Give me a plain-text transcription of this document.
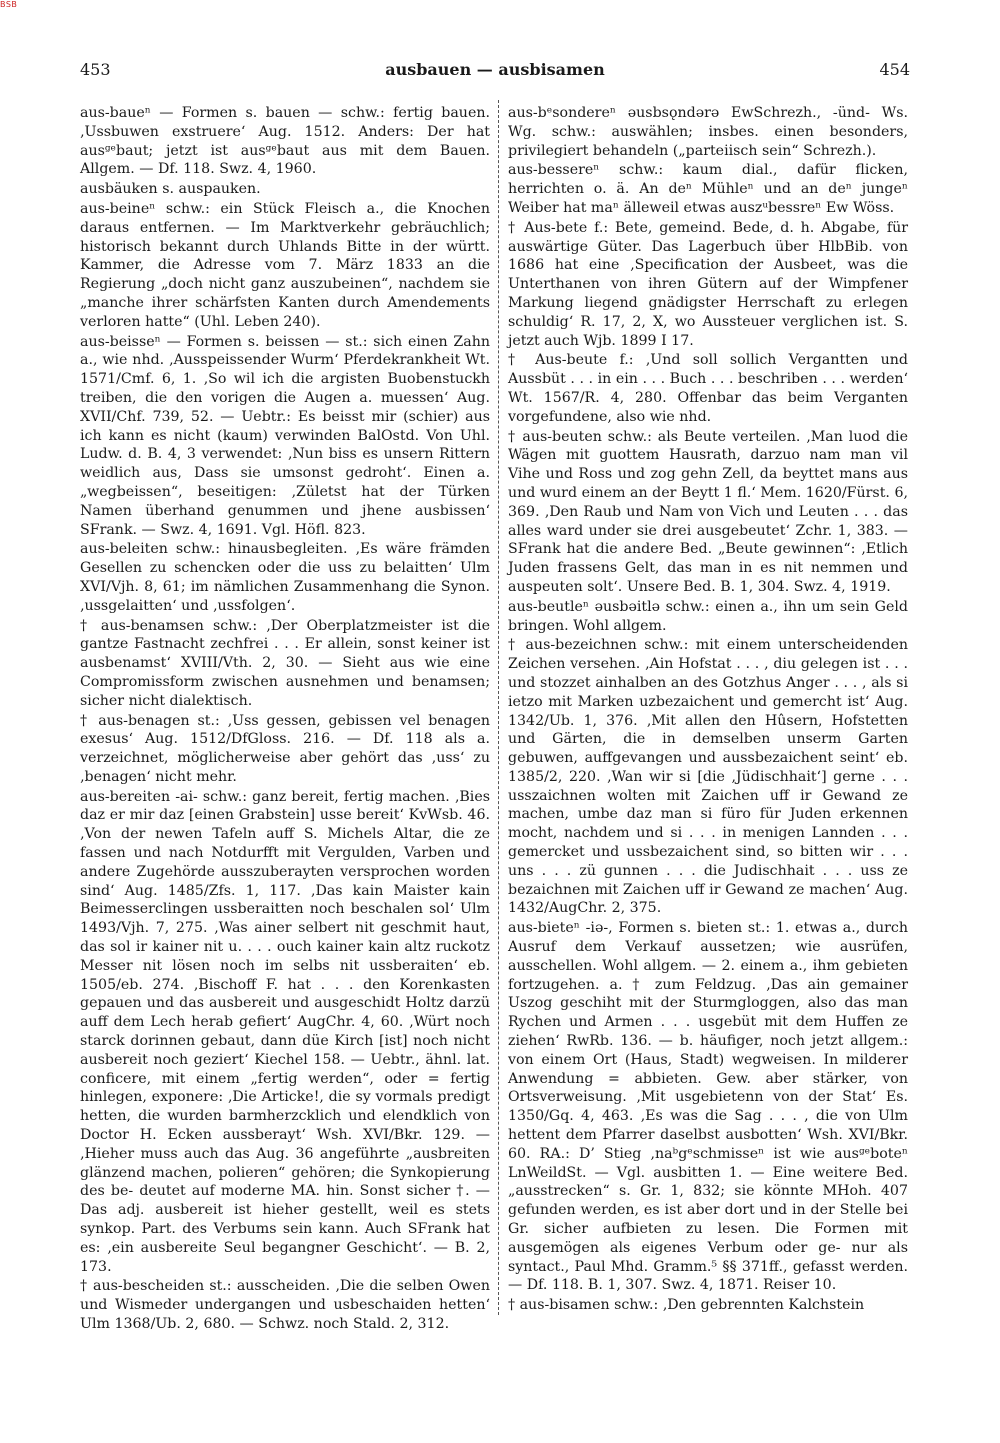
BSB
453	ausbauen — ausbisamen	454

aus-baueⁿ — Formen s. bauen — schw.: fertig bauen. ‚Ussbuwen exstruere‘ Aug. 1512. Anders: Der hat ausᵍᵉbaut; jetzt ist ausᵍᵉbaut aus mit dem Bauen. Allgem. — Df. 118. Swz. 4, 1960.

ausbäuken s. auspauken.

aus-beineⁿ schw.: ein Stück Fleisch a., die Knochen daraus entfernen. — Im Marktverkehr gebräuchlich; historisch bekannt durch Uhlands Bitte in der württ. Kammer, die Adresse vom 7. März 1833 an die Regierung „doch nicht ganz auszubeinen“, nachdem sie „manche ihrer schärfsten Kanten durch Amendements verloren hatte“ (Uhl. Leben 240).

aus-beisseⁿ — Formen s. beissen — st.: sich einen Zahn a., wie nhd. ‚Ausspeissender Wurm‘ Pferdekrankheit Wt. 1571/Cmf. 6, 1. ‚So wil ich die argisten Buobenstuckh treiben, die den vorigen die Augen a. muessen‘ Aug. XVII/Chf. 739, 52. — Uebtr.: Es beisst mir (schier) aus ich kann es nicht (kaum) verwinden BalOstd. Von Uhl. Ludw. d. B. 4, 3 verwendet: ‚Nun biss es unsern Rittern weidlich aus, Dass sie umsonst gedroht‘. Einen a. „wegbeissen“, beseitigen: ‚Zületst hat der Türken Namen überhand genummen und jhene ausbissen‘ SFrank. — Swz. 4, 1691. Vgl. Höfl. 823.

aus-beleiten schw.: hinausbegleiten. ‚Es wäre främden Gesellen zu schencken oder die uss zu belaitten‘ Ulm XVI/Vjh. 8, 61; im nämlichen Zusammenhang die Synon. ‚ussgelaitten‘ und ‚ussfolgen‘.

† aus-benamsen schw.: ‚Der Oberplatzmeister ist die gantze Fastnacht zechfrei . . . Er allein, sonst keiner ist ausbenamst‘ XVIII/Vth. 2, 30. — Sieht aus wie eine Compromissform zwischen ausnehmen und benamsen; sicher nicht dialektisch.

† aus-benagen st.: ‚Uss gessen, gebissen vel benagen exesus‘ Aug. 1512/DfGloss. 216. — Df. 118 als a. verzeichnet, möglicherweise aber gehört das ‚uss‘ zu ‚benagen‘ nicht mehr.

aus-bereiten -ai- schw.: ganz bereit, fertig machen. ‚Bies daz er mir daz [einen Grabstein] usse bereit‘ KvWsb. 46. ‚Von der newen Tafeln auff S. Michels Altar, die ze fassen und nach Notdurfft mit Vergulden, Varben und andere Zugehörde ausszuberayten versprochen worden sind‘ Aug. 1485/Zfs. 1, 117. ‚Das kain Maister kain Beimesserclingen ussberaitten noch beschalen sol‘ Ulm 1493/Vjh. 7, 275. ‚Was ainer selbert nit geschmit haut, das sol ir kainer nit u. . . . ouch kainer kain altz ruckotz Messer nit lösen noch im selbs nit ussberaiten‘ eb. 1505/eb. 274. ‚Bischoff F. hat . . . den Korenkasten gepauen und das ausbereit und ausgeschidt Holtz darzü auff dem Lech herab gefiert‘ AugChr. 4, 60. ‚Würt noch starck dorinnen gebaut, dann düe Kirch [ist] noch nicht ausbereit noch geziert‘ Kiechel 158. — Uebtr., ähnl. lat. conficere, mit einem „fertig werden“, oder = fertig hinlegen, exponere: ‚Die Articke!, die sy vormals predigt hetten, die wurden barmherzcklich und elendklich von Doctor H. Ecken aussberayt‘ Wsh. XVI/Bkr. 129. — ‚Hieher muss auch das Aug. 36 angeführte „ausbreiten glänzend machen, polieren“ gehören; die Synkopierung des be- deutet auf moderne MA. hin. Sonst sicher †. — Das adj. ausbereit ist hieher gestellt, weil es stets synkop. Part. des Verbums sein kann. Auch SFrank hat es: ‚ein ausbereite Seul begangner Geschicht‘. — B. 2, 173.

† aus-bescheiden st.: ausscheiden. ‚Die die selben Owen und Wismeder undergangen und usbeschaiden hetten‘ Ulm 1368/Ub. 2, 680. — Schwz. noch Stald. 2, 312.

aus-bᵉsondereⁿ əusbsǫndərə EwSchrezh., -ünd- Ws. Wg. schw.: auswählen; insbes. einen besonders, privilegiert behandeln („parteiisch sein“ Schrezh.).

aus-bessereⁿ schw.: kaum dial., dafür flicken, herrichten o. ä. An deⁿ Mühleⁿ und an deⁿ jungeⁿ Weiber hat maⁿ älleweil etwas auszᵘbessreⁿ Ew Wöss.

† Aus-bete f.: Bete, gemeind. Bede, d. h. Abgabe, für auswärtige Güter. Das Lagerbuch über HlbBib. von 1686 hat eine ‚Specification der Ausbeet, was die Unterthanen von ihren Gütern auf der Wimpfener Markung liegend gnädigster Herrschaft zu erlegen schuldig‘ R. 17, 2, X, wo Aussteuer verglichen ist. S. jetzt auch Wjb. 1899 I 17.

† Aus-beute f.: ‚Und soll sollich Vergantten und Aussbüt . . . in ein . . . Buch . . . beschriben . . . werden‘ Wt. 1567/R. 4, 280. Offenbar das beim Verganten vorgefundene, also wie nhd.

† aus-beuten schw.: als Beute verteilen. ‚Man luod die Wägen mit guottem Hausrath, darzuo nam man vil Vihe und Ross und zog gehn Zell, da beyttet mans aus und wurd einem an der Beytt 1 fl.‘ Mem. 1620/Fürst. 6, 369. ‚Den Raub und Nam von Vich und Leuten . . . das alles ward under sie drei ausgebeutet‘ Zchr. 1, 383. — SFrank hat die andere Bed. „Beute gewinnen“: ‚Etlich Juden frassens Gelt, das man in es nit nemmen und auspeuten solt‘. Unsere Bed. B. 1, 304. Swz. 4, 1919.

aus-beutleⁿ əusbəitlə schw.: einen a., ihn um sein Geld bringen. Wohl allgem.

† aus-bezeichnen schw.: mit einem unterscheidenden Zeichen versehen. ‚Ain Hofstat . . . , diu gelegen ist . . . und stozzet ainhalben an des Gotzhus Anger . . . , als si ietzo mit Marken uzbezaichent und gemercht ist‘ Aug. 1342/Ub. 1, 376. ‚Mit allen den Hûsern, Hofstetten und Gärten, die in demselben unserm Garten gebuwen, auffgevangen und aussbezaichent seint‘ eb. 1385/2, 220. ‚Wan wir si [die ‚Jüdischhait‘] gerne . . . usszaichnen wolten mit Zaichen uff ir Gewand ze machen, umbe daz man si füro für Juden erkennen mocht, nachdem und si . . . in menigen Lannden . . . gemercket und ussbezaichent sind, so bitten wir . . . uns . . . zü gunnen . . . die Judischhait . . . uss ze bezaichnen mit Zaichen uff ir Gewand ze machen‘ Aug. 1432/AugChr. 2, 375.

aus-bieteⁿ -iə-, Formen s. bieten st.: 1. etwas a., durch Ausruf dem Verkauf aussetzen; wie ausrüfen, ausschellen. Wohl allgem. — 2. einem a., ihm gebieten fortzugehen. a. † zum Feldzug. ‚Das ain gemainer Uszog geschiht mit der Sturmgloggen, also das man Rychen und Armen . . . usgebüt mit dem Huffen ze ziehen‘ RwRb. 136. — b. häufiger, noch jetzt allgem.: von einem Ort (Haus, Stadt) wegweisen. In milderer Anwendung = abbieten. Gew. aber stärker, von Ortsverweisung. ‚Mit usgebietenn von der Stat‘ Es. 1350/Gq. 4, 463. ‚Es was die Sag . . . , die von Ulm hettent dem Pfarrer daselbst ausbotten‘ Wsh. XVI/Bkr. 60. RA.: D’ Stieg ‚naᵇgᵉschmisseⁿ ist wie ausᵍᵉboteⁿ LnWeildSt. — Vgl. ausbitten 1. — Eine weitere Bed. „ausstrecken“ s. Gr. 1, 832; sie könnte MHoh. 407 gefunden werden, es ist aber dort und in der Stelle bei Gr. sicher aufbieten zu lesen. Die Formen mit ausgemögen als eigenes Verbum oder ge- nur als syntact., Paul Mhd. Gramm.⁵ §§ 371ff., gefasst werden. — Df. 118. B. 1, 307. Swz. 4, 1871. Reiser 10.

† aus-bisamen schw.: ‚Den gebrennten Kalchstein
